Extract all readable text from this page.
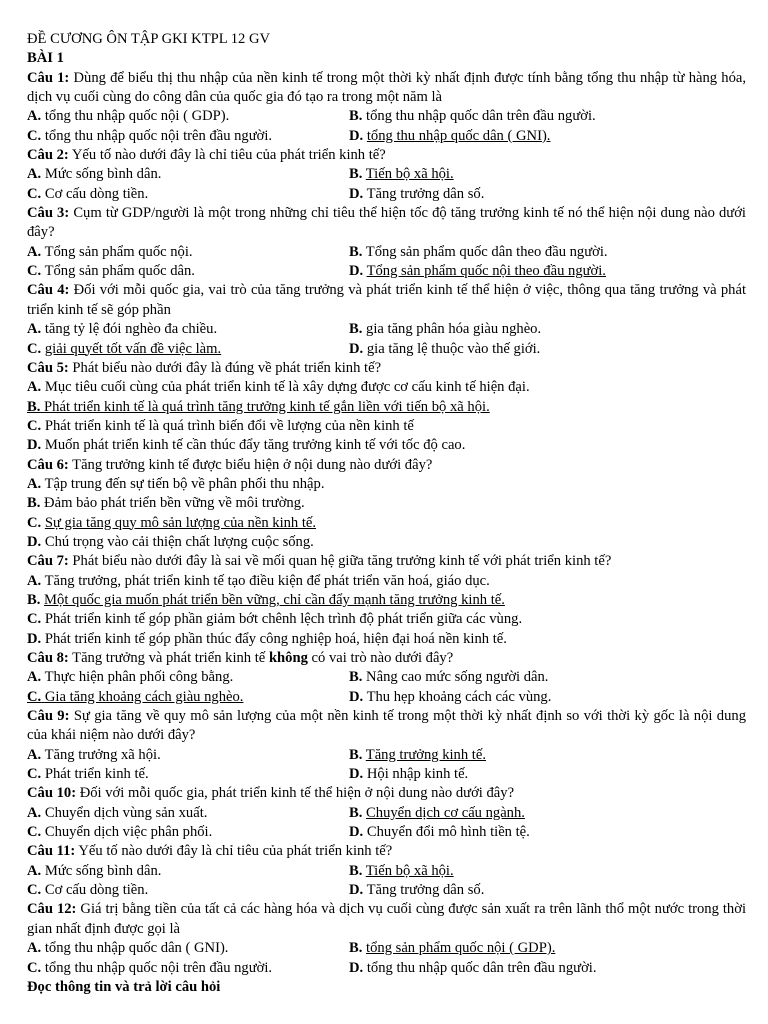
ĐỀ CƯƠNG ÔN TẬP GKI KTPL 12 GV
BÀI 1
Câu 1: Dùng để biểu thị thu nhập của nền kinh tế trong một thời kỳ nhất định được tính bằng tổng thu nhập từ hàng hóa, dịch vụ cuối cùng do công dân của quốc gia đó tạo ra trong một năm là
A. tổng thu nhập quốc nội ( GDP).	B. tổng thu nhập quốc dân trên đầu người.
C. tổng thu nhập quốc nội trên đầu người.	D. tổng thu nhập quốc dân ( GNI).
Câu 2: Yếu tố nào dưới đây là chỉ tiêu của phát triển kinh tế?
A. Mức sống bình dân.	B. Tiến bộ xã hội.
C. Cơ cấu dòng tiền.	D. Tăng trưởng dân số.
Câu 3: Cụm từ GDP/người là một trong những chỉ tiêu thể hiện tốc độ tăng trưởng kinh tế nó thể hiện nội dung nào dưới đây?
A. Tổng sản phẩm quốc nội.	B. Tổng sản phẩm quốc dân theo đầu người.
C. Tổng sản phẩm quốc dân.	D. Tổng sản phẩm quốc nội theo đầu người.
Câu 4: Đối với mỗi quốc gia, vai trò của tăng trưởng và phát triển kinh tế thể hiện ở việc, thông qua tăng trưởng và phát triển kinh tế sẽ góp phần
A. tăng tỷ lệ đói nghèo đa chiều.	B. gia tăng phân hóa giàu nghèo.
C. giải quyết tốt vấn đề việc làm.	D. gia tăng lệ thuộc vào thế giới.
Câu 5: Phát biểu nào dưới đây là đúng về phát triển kinh tế?
A. Mục tiêu cuối cùng của phát triển kinh tế là xây dựng được cơ cấu kinh tế hiện đại.
B. Phát triển kinh tế là quá trình tăng trưởng kinh tế gắn liền với tiến bộ xã hội.
C. Phát triển kinh tế là quá trình biến đổi về lượng của nền kinh tế
D. Muốn phát triển kinh tế cần thúc đẩy tăng trưởng kinh tế với tốc độ cao.
Câu 6: Tăng trưởng kinh tế được biểu hiện ở nội dung nào dưới đây?
A. Tập trung đến sự tiến bộ về phân phối thu nhập.
B. Đảm bảo phát triển bền vững về môi trường.
C. Sự gia tăng quy mô sản lượng của nền kinh tế.
D. Chú trọng vào cải thiện chất lượng cuộc sống.
Câu 7: Phát biểu nào dưới đây là sai về mối quan hệ giữa tăng trưởng kinh tế với phát triển kinh tế?
A. Tăng trưởng, phát triển kinh tế tạo điều kiện để phát triển văn hoá, giáo dục.
B. Một quốc gia muốn phát triển bền vững, chỉ cần đẩy mạnh tăng trưởng kinh tế.
C. Phát triển kinh tế góp phần giảm bớt chênh lệch trình độ phát triển giữa các vùng.
D. Phát triển kinh tế góp phần thúc đẩy công nghiệp hoá, hiện đại hoá nền kinh tế.
Câu 8: Tăng trưởng và phát triển kinh tế không có vai trò nào dưới đây?
A. Thực hiện phân phối công bằng.	B. Nâng cao mức sống người dân.
C. Gia tăng khoảng cách giàu nghèo.	D. Thu hẹp khoảng cách các vùng.
Câu 9: Sự gia tăng về quy mô sản lượng của một nền kinh tế trong một thời kỳ nhất định so với thời kỳ gốc là nội dung của khái niệm nào dưới đây?
A. Tăng trưởng xã hội.	B. Tăng trưởng kinh tế.
C. Phát triển kinh tế.	D. Hội nhập kinh tế.
Câu 10: Đối với mỗi quốc gia, phát triển kinh tế thể hiện ở nội dung nào dưới đây?
A. Chuyển dịch vùng sản xuất.	B. Chuyển dịch cơ cấu ngành.
C. Chuyển dịch việc phân phối.	D. Chuyển đổi mô hình tiền tệ.
Câu 11: Yếu tố nào dưới đây là chỉ tiêu của phát triển kinh tế?
A. Mức sống bình dân.	B. Tiến bộ xã hội.
C. Cơ cấu dòng tiền.	D. Tăng trưởng dân số.
Câu 12: Giá trị bằng tiền của tất cả các hàng hóa và dịch vụ cuối cùng được sản xuất ra trên lãnh thổ một nước trong thời gian nhất định được gọi là
A. tổng thu nhập quốc dân ( GNI).	B. tổng sản phẩm quốc nội ( GDP).
C. tổng thu nhập quốc nội trên đầu người.	D. tổng thu nhập quốc dân trên đầu người.
Đọc thông tin và trả lời câu hỏi
